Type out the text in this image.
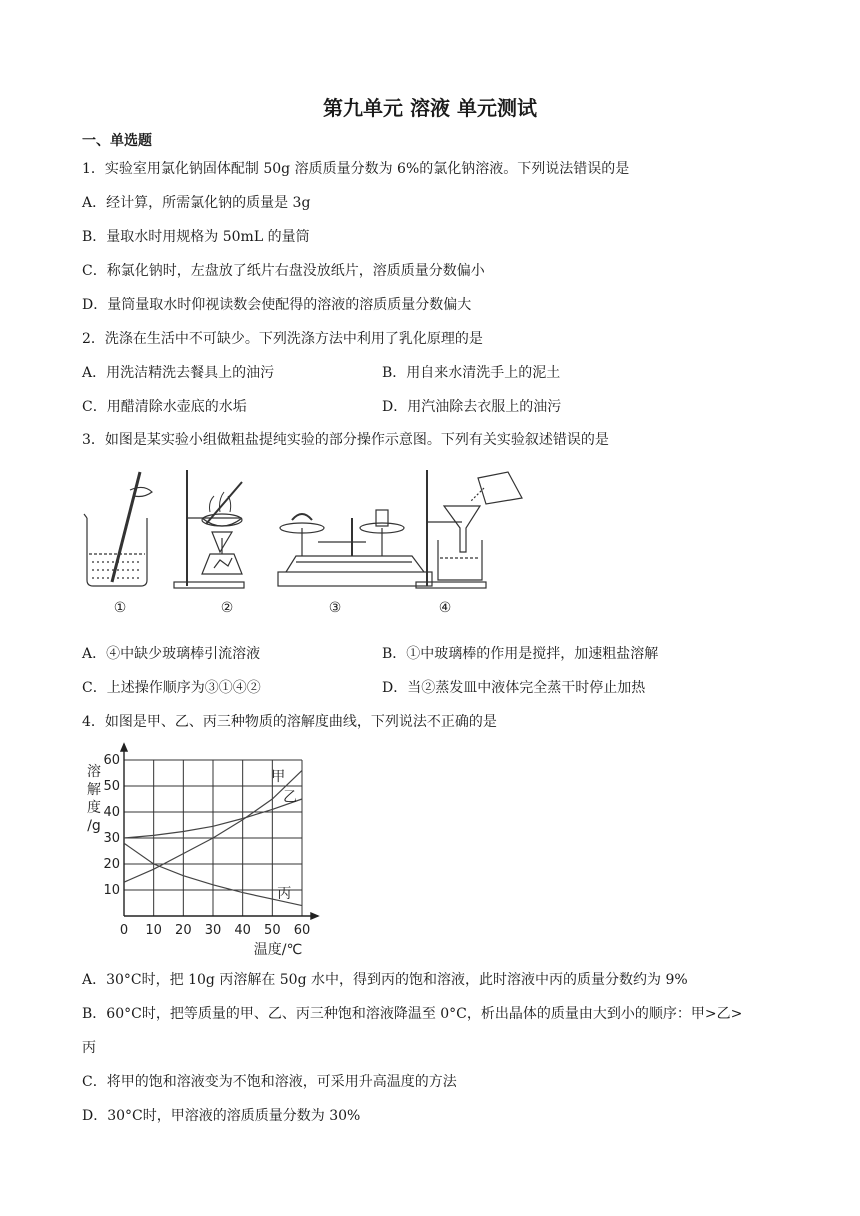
第九单元 溶液 单元测试
一、单选题
1．实验室用氯化钠固体配制 50g 溶质质量分数为 6%的氯化钠溶液。下列说法错误的是
A．经计算，所需氯化钠的质量是 3g
B．量取水时用规格为 50mL 的量筒
C．称氯化钠时，左盘放了纸片右盘没放纸片，溶质质量分数偏小
D．量筒量取水时仰视读数会使配得的溶液的溶质质量分数偏大
2．洗涤在生活中不可缺少。下列洗涤方法中利用了乳化原理的是
A．用洗洁精洗去餐具上的油污	B．用自来水清洗手上的泥土
C．用醋清除水壶底的水垢	D．用汽油除去衣服上的油污
3．如图是某实验小组做粗盐提纯实验的部分操作示意图。下列有关实验叙述错误的是
①	②	③	④
A．④中缺少玻璃棒引流溶液	B．①中玻璃棒的作用是搅拌，加速粗盐溶解
C．上述操作顺序为③①④②	D．当②蒸发皿中液体完全蒸干时停止加热
4．如图是甲、乙、丙三种物质的溶解度曲线，下列说法不正确的是
0 10 20 30 40 50 60
10
20
30
40
50
60
溶
解
度
/g
温度/℃
甲
乙
丙
A．30°C时，把 10g 丙溶解在 50g 水中，得到丙的饱和溶液，此时溶液中丙的质量分数约为 9%
B．60°C时，把等质量的甲、乙、丙三种饱和溶液降温至 0°C，析出晶体的质量由大到小的顺序：甲>乙>
丙
C．将甲的饱和溶液变为不饱和溶液，可采用升高温度的方法
D．30°C时，甲溶液的溶质质量分数为 30%
